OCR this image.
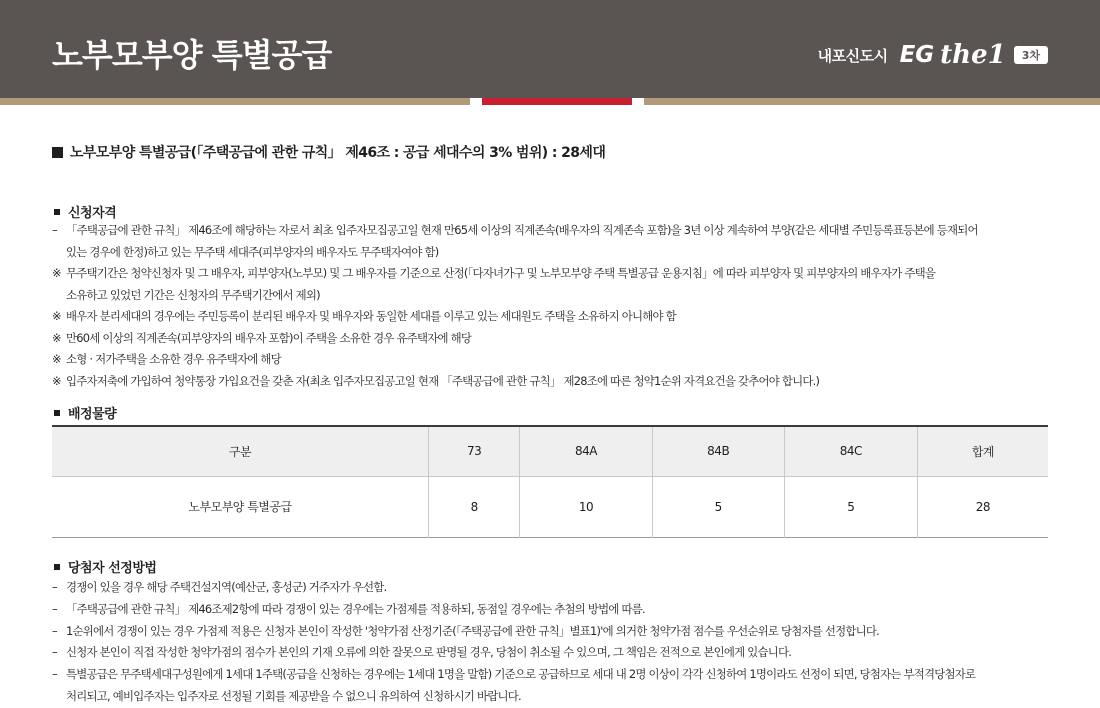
노부모부양 특별공급	내포신도시 EG the1	3차
노부모부양 특별공급(「주택공급에 관한 규칙」 제46조 : 공급 세대수의 3% 범위) : 28세대
신청자격
– 「주택공급에 관한 규칙」 제46조에 해당하는 자로서 최초 입주자모집공고일 현재 만65세 이상의 직계존속(배우자의 직계존속 포함)을 3년 이상 계속하여 부양(같은 세대별 주민등록표등본에 등재되어
있는 경우에 한정)하고 있는 무주택 세대주(피부양자의 배우자도 무주택자여야 함)
※ 무주택기간은 청약신청자 및 그 배우자, 피부양자(노부모) 및 그 배우자를 기준으로 산정(「다자녀가구 및 노부모부양 주택 특별공급 운용지침」에 따라 피부양자 및 피부양자의 배우자가 주택을
소유하고 있었던 기간은 신청자의 무주택기간에서 제외)
※ 배우자 분리세대의 경우에는 주민등록이 분리된 배우자 및 배우자와 동일한 세대를 이루고 있는 세대원도 주택을 소유하지 아니해야 함
※ 만60세 이상의 직계존속(피부양자의 배우자 포함)이 주택을 소유한 경우 유주택자에 해당
※ 소형 · 저가주택을 소유한 경우 유주택자에 해당
※ 입주자저축에 가입하여 청약통장 가입요건을 갖춘 자(최초 입주자모집공고일 현재 「주택공급에 관한 규칙」 제28조에 따른 청약1순위 자격요건을 갖추어야 합니다.)
배정물량
구분	73	84A	84B	84C	합계
노부모부양 특별공급	8	10	5	5	28
당첨자 선정방법
– 경쟁이 있을 경우 해당 주택건설지역(예산군, 홍성군) 거주자가 우선함.
– 「주택공급에 관한 규칙」 제46조제2항에 따라 경쟁이 있는 경우에는 가점제를 적용하되, 동점일 경우에는 추첨의 방법에 따름.
– 1순위에서 경쟁이 있는 경우 가점제 적용은 신청자 본인이 작성한 '청약가점 산정기준(「주택공급에 관한 규칙」별표1)'에 의거한 청약가점 점수를 우선순위로 당첨자를 선정합니다.
– 신청자 본인이 직접 작성한 청약가점의 점수가 본인의 기재 오류에 의한 잘못으로 판명될 경우, 당첨이 취소될 수 있으며, 그 책임은 전적으로 본인에게 있습니다.
– 특별공급은 무주택세대구성원에게 1세대 1주택(공급을 신청하는 경우에는 1세대 1명을 말함) 기준으로 공급하므로 세대 내 2명 이상이 각각 신청하여 1명이라도 선정이 되면, 당첨자는 부적격당첨자로
처리되고, 예비입주자는 입주자로 선정될 기회를 제공받을 수 없으니 유의하여 신청하시기 바랍니다.
